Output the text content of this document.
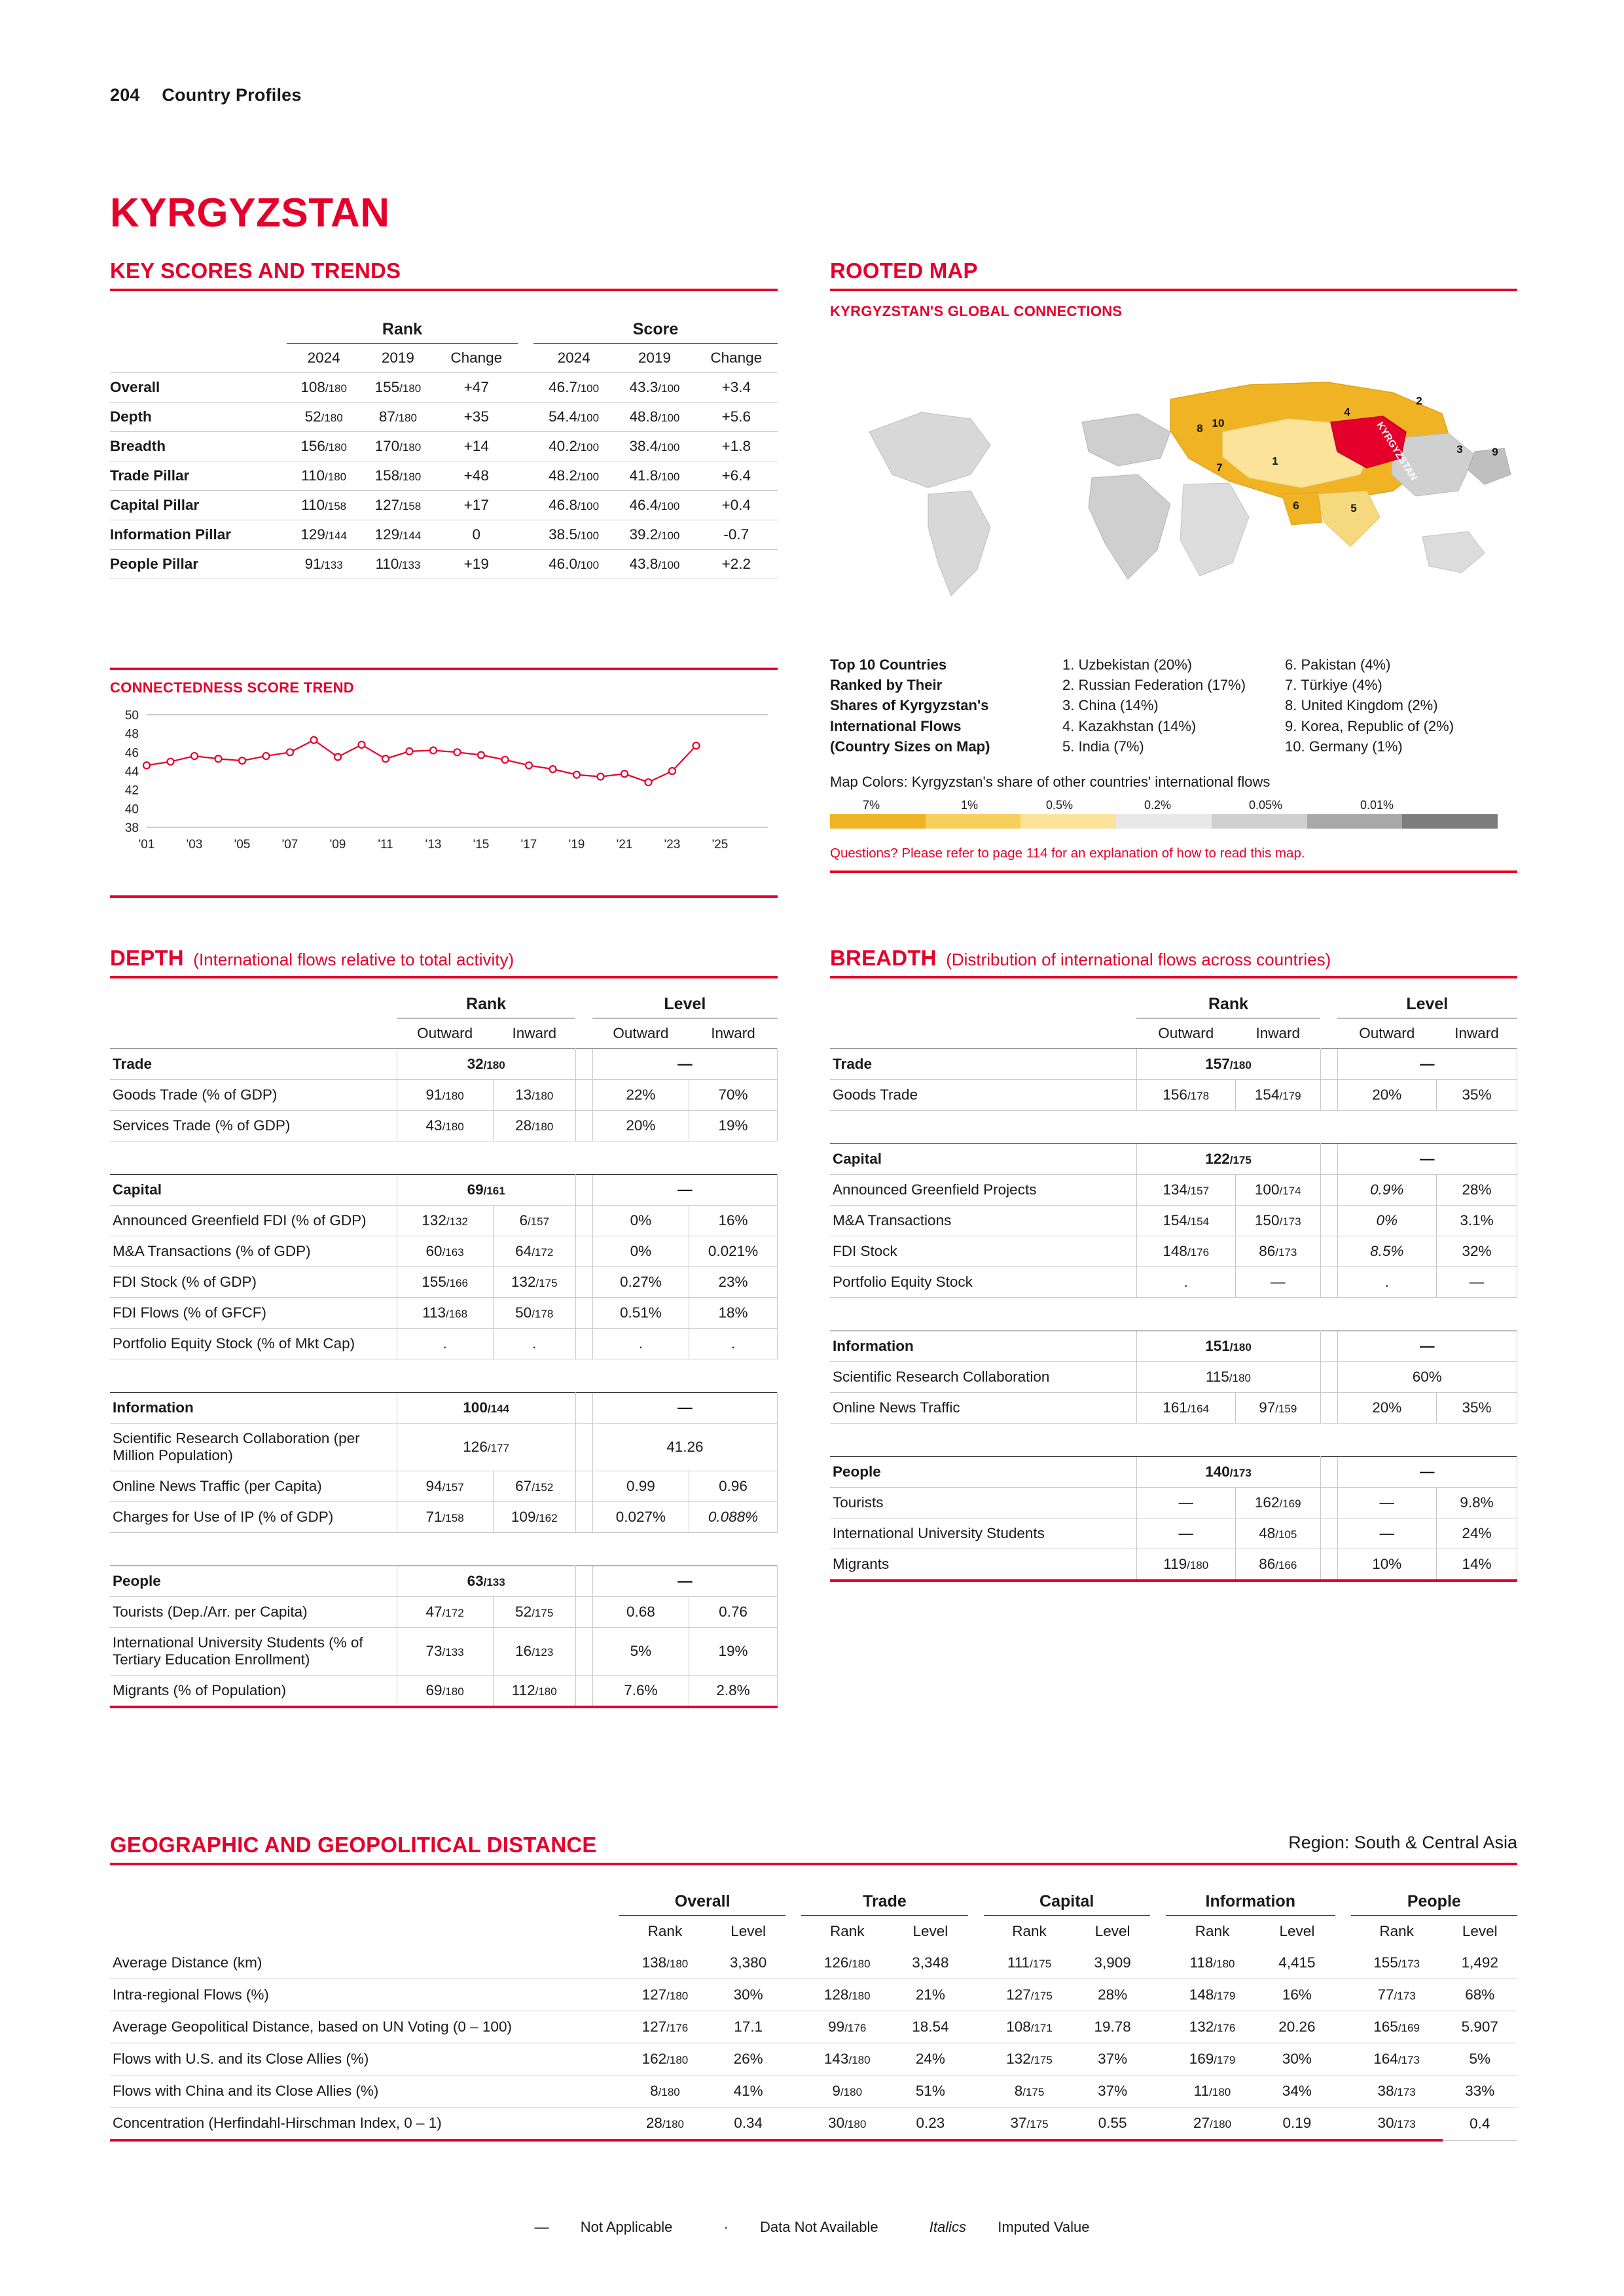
204 Country Profiles
KYRGYZSTAN
KEY SCORES AND TRENDS
	Rank				Score		
	2024	2019	Change		2024	2019	Change
Overall	108/180	155/180	+47		46.7/100	43.3/100	+3.4
Depth	52/180	87/180	+35		54.4/100	48.8/100	+5.6
Breadth	156/180	170/180	+14		40.2/100	38.4/100	+1.8
Trade Pillar	110/180	158/180	+48		48.2/100	41.8/100	+6.4
Capital Pillar	110/158	127/158	+17		46.8/100	46.4/100	+0.4
Information Pillar	129/144	129/144	0		38.5/100	39.2/100	-0.7
People Pillar	91/133	110/133	+19		46.0/100	43.8/100	+2.2
CONNECTEDNESS SCORE TREND
38
40
42
44
46
48
50
'01	'03	'05	'07	'09	'11	'13	'15	'17	'19	'21	'23	'25
ROOTED MAP
KYRGYZSTAN'S GLOBAL CONNECTIONS
KYRGYZSTAN
1
2
3
4
5
6
7
8
9
10
Top 10 Countries
Ranked by Their
Shares of Kyrgyzstan's
International Flows
(Country Sizes on Map)
1. Uzbekistan (20%)
2. Russian Federation (17%)
3. China (14%)
4. Kazakhstan (14%)
5. India (7%)
6. Pakistan (4%)
7. Türkiye (4%)
8. United Kingdom (2%)
9. Korea, Republic of (2%)
10. Germany (1%)
Map Colors: Kyrgyzstan's share of other countries' international flows
7%	1%	0.5%	0.2%	0.05%	0.01%
Questions? Please refer to page 114 for an explanation of how to read this map.
DEPTH (International flows relative to total activity)
	Rank			Level	
	Outward	Inward		Outward	Inward
Trade	32/180			—	
Goods Trade (% of GDP)	91/180	13/180		22%	70%
Services Trade (% of GDP)	43/180	28/180		20%	19%

Capital	69/161			—	
Announced Greenfield FDI (% of GDP)	132/132	6/157		0%	16%
M&A Transactions (% of GDP)	60/163	64/172		0%	0.021%
FDI Stock (% of GDP)	155/166	132/175		0.27%	23%
FDI Flows (% of GFCF)	113/168	50/178		0.51%	18%
Portfolio Equity Stock (% of Mkt Cap)	.	.		.	.

Information	100/144			—	
Scientific Research Collaboration (per Million Population)	126/177			41.26	
Online News Traffic (per Capita)	94/157	67/152		0.99	0.96
Charges for Use of IP (% of GDP)	71/158	109/162		0.027%	0.088%

People	63/133			—	
Tourists (Dep./Arr. per Capita)	47/172	52/175		0.68	0.76
International University Students (% of Tertiary Education Enrollment)	73/133	16/123		5%	19%
Migrants (% of Population)	69/180	112/180		7.6%	2.8%

BREADTH (Distribution of international flows across countries)
	Rank			Level	
	Outward	Inward		Outward	Inward
Trade	157/180			—	
Goods Trade	156/178	154/179		20%	35%

Capital	122/175			—	
Announced Greenfield Projects	134/157	100/174		0.9%	28%
M&A Transactions	154/154	150/173		0%	3.1%
FDI Stock	148/176	86/173		8.5%	32%
Portfolio Equity Stock	.	—		.	—

Information	151/180			—	
Scientific Research Collaboration	115/180			60%	
Online News Traffic	161/164	97/159		20%	35%

People	140/173			—	
Tourists	—	162/169		—	9.8%
International University Students	—	48/105		—	24%
Migrants	119/180	86/166		10%	14%

GEOGRAPHIC AND GEOPOLITICAL DISTANCE	Region: South & Central Asia
	Overall			Trade			Capital			Information			People	
	Rank	Level		Rank	Level		Rank	Level		Rank	Level		Rank	Level
Average Distance (km)	138/180	3,380		126/180	3,348		111/175	3,909		118/180	4,415		155/173	1,492
Intra-regional Flows (%)	127/180	30%		128/180	21%		127/175	28%		148/179	16%		77/173	68%
Average Geopolitical Distance, based on UN Voting (0 – 100)	127/176	17.1		99/176	18.54		108/171	19.78		132/176	20.26		165/169	5.907
Flows with U.S. and its Close Allies (%)	162/180	26%		143/180	24%		132/175	37%		169/179	30%		164/173	5%
Flows with China and its Close Allies (%)	8/180	41%		9/180	51%		8/175	37%		11/180	34%		38/173	33%
Concentration (Herfindahl-Hirschman Index, 0 – 1)	28/180	0.34		30/180	0.23		37/175	0.55		27/180	0.19		30/173	0.4

— Not Applicable	· Data Not Available	Italics Imputed Value
